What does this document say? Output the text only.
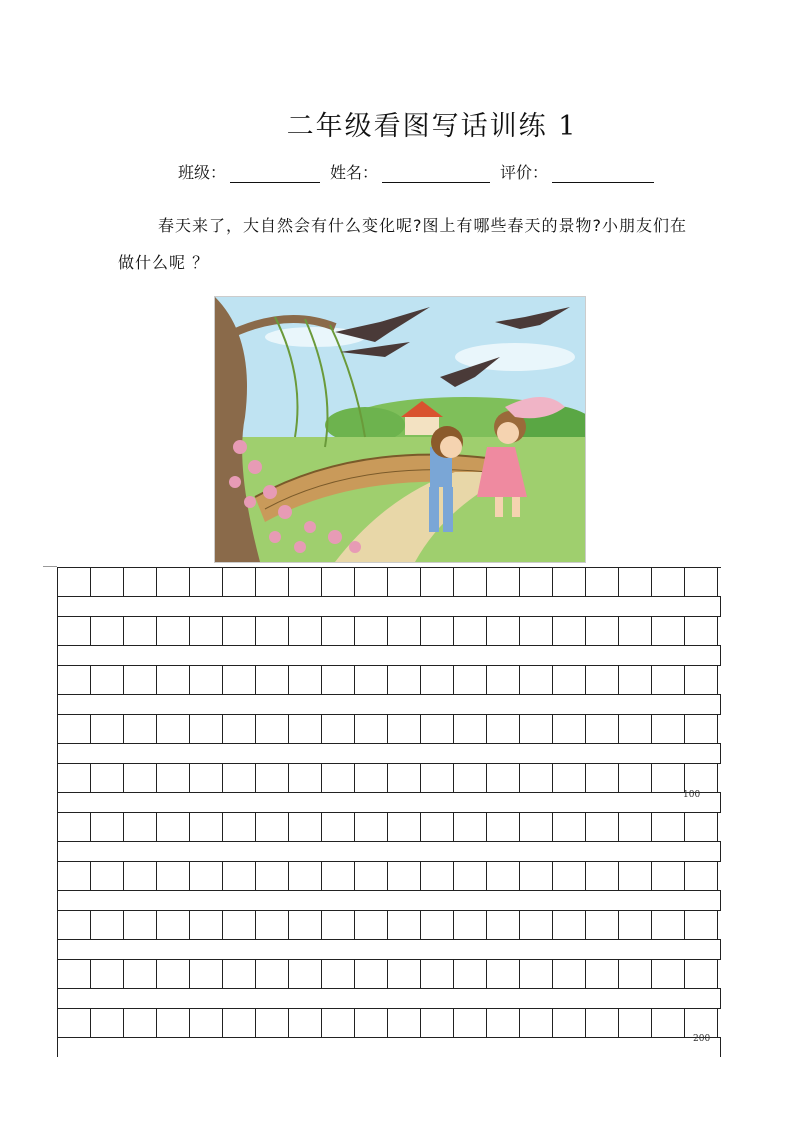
二年级看图写话训练 1
班级：	姓名：	评价：
春天来了，大自然会有什么变化呢?图上有哪些春天的景物?小朋友们在做什么呢 ？
100
200
